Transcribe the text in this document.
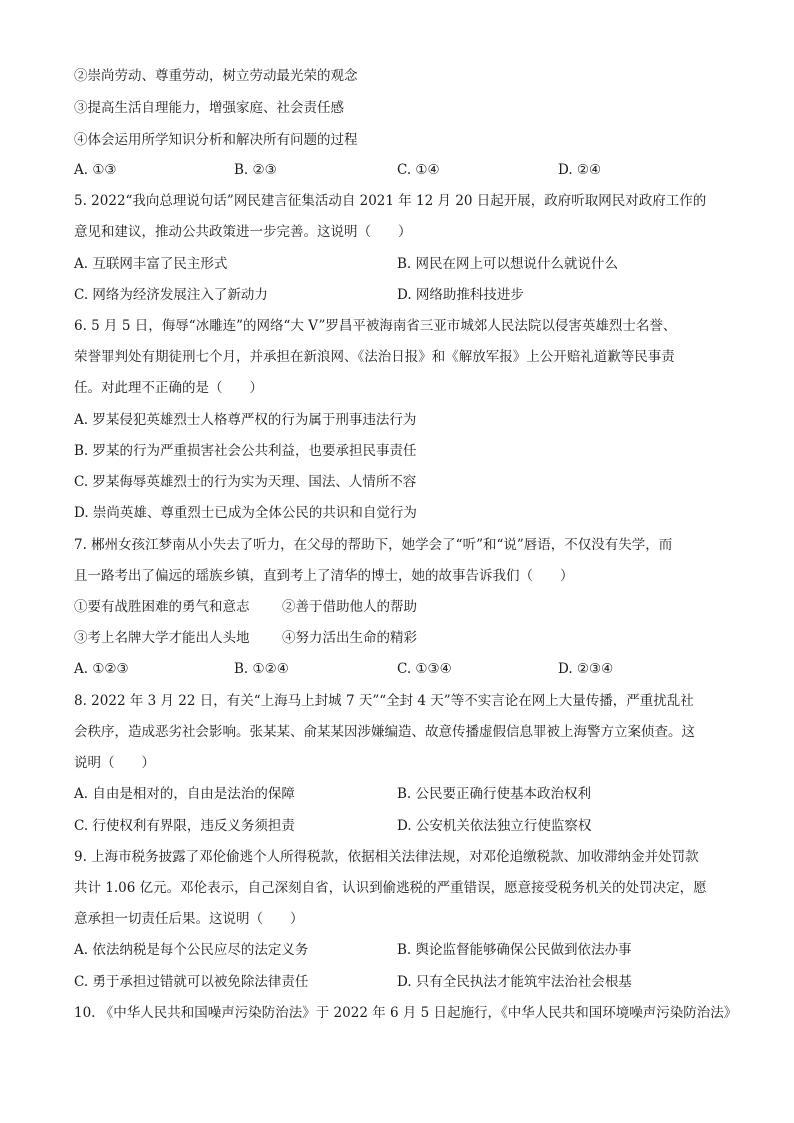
②崇尚劳动、尊重劳动，树立劳动最光荣的观念
③提高生活自理能力，增强家庭、社会责任感
④体会运用所学知识分析和解决所有问题的过程
A. ①③	B. ②③	C. ①④	D. ②④
5. 2022“我向总理说句话”网民建言征集活动自 2021 年 12 月 20 日起开展，政府听取网民对政府工作的
意见和建议，推动公共政策进一步完善。这说明（　　）
A. 互联网丰富了民主形式	B. 网民在网上可以想说什么就说什么
C. 网络为经济发展注入了新动力	D. 网络助推科技进步
6. 5 月 5 日，侮辱“冰雕连”的网络“大 V”罗昌平被海南省三亚市城郊人民法院以侵害英雄烈士名誉、
荣誉罪判处有期徒刑七个月，并承担在新浪网、《法治日报》和《解放军报》上公开赔礼道歉等民事责
任。对此理不正确的是（　　）
A. 罗某侵犯英雄烈士人格尊严权的行为属于刑事违法行为
B. 罗某的行为严重损害社会公共利益，也要承担民事责任
C. 罗某侮辱英雄烈士的行为实为天理、国法、人情所不容
D. 崇尚英雄、尊重烈士已成为全体公民的共识和自觉行为
7. 郴州女孩江梦南从小失去了听力，在父母的帮助下，她学会了“听”和“说”唇语，不仅没有失学，而
且一路考出了偏远的瑶族乡镇，直到考上了清华的博士，她的故事告诉我们（　　）
①要有战胜困难的勇气和意志 ②善于借助他人的帮助
③考上名牌大学才能出人头地 ④努力活出生命的精彩
A. ①②③	B. ①②④	C. ①③④	D. ②③④
8. 2022 年 3 月 22 日，有关“上海马上封城 7 天”“全封 4 天”等不实言论在网上大量传播，严重扰乱社
会秩序，造成恶劣社会影响。张某某、俞某某因涉嫌编造、故意传播虚假信息罪被上海警方立案侦查。这
说明（　　）
A. 自由是相对的，自由是法治的保障	B. 公民要正确行使基本政治权利
C. 行使权利有界限，违反义务须担责	D. 公安机关依法独立行使监察权
9. 上海市税务披露了邓伦偷逃个人所得税款，依据相关法律法规，对邓伦追缴税款、加收滞纳金并处罚款
共计 1.06 亿元。邓伦表示，自己深刻自省，认识到偷逃税的严重错误，愿意接受税务机关的处罚决定，愿
意承担一切责任后果。这说明（　　）
A. 依法纳税是每个公民应尽的法定义务	B. 舆论监督能够确保公民做到依法办事
C. 勇于承担过错就可以被免除法律责任	D. 只有全民执法才能筑牢法治社会根基
10. 《中华人民共和国噪声污染防治法》于 2022 年 6 月 5 日起施行，《中华人民共和国环境噪声污染防治法》
